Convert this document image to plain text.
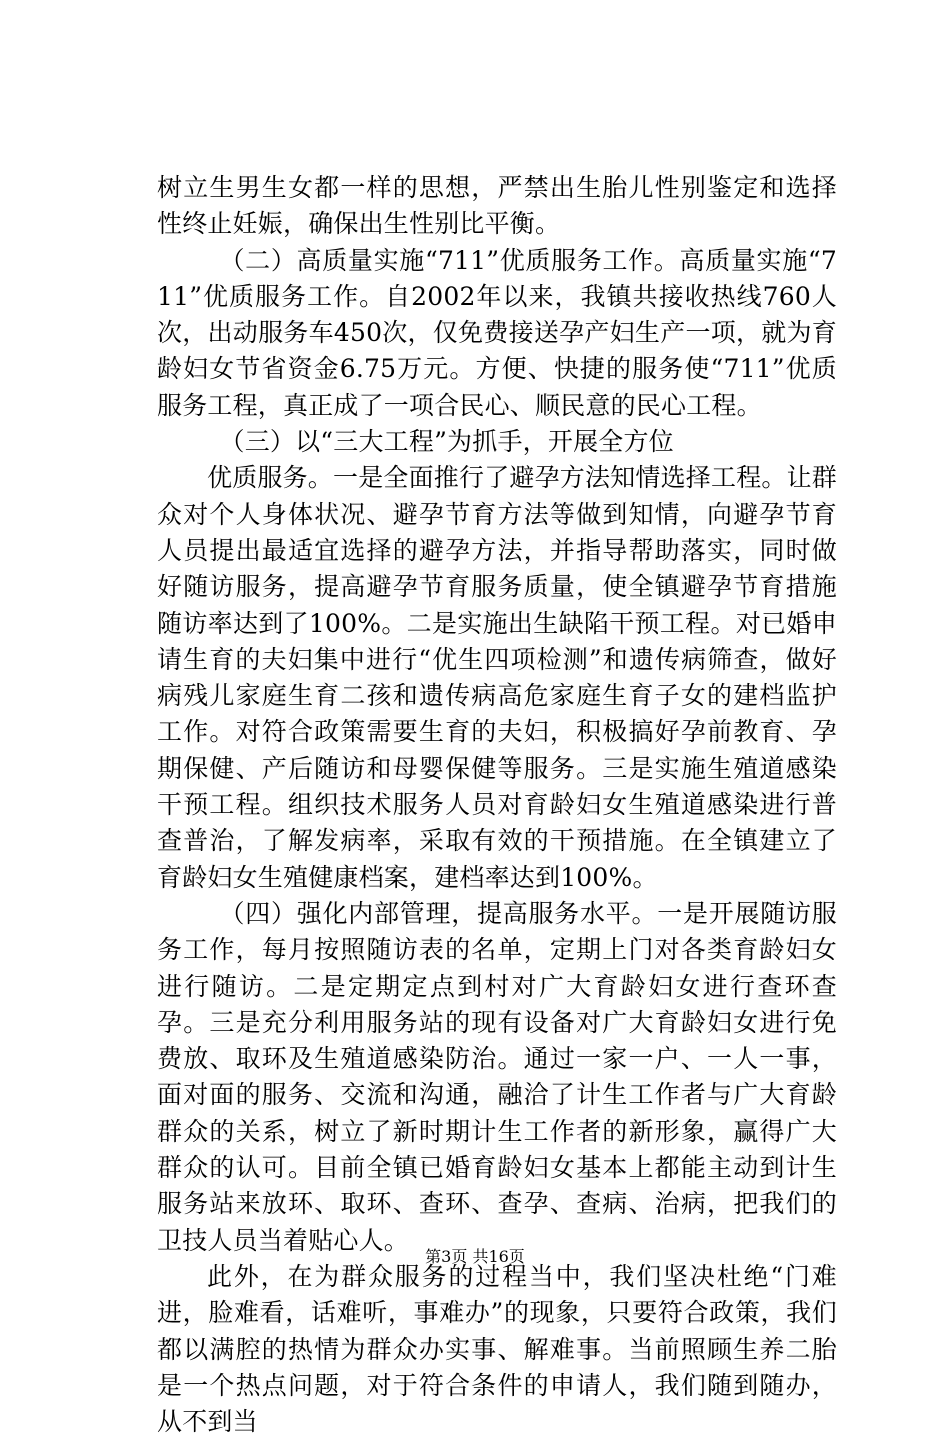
树立生男生女都一样的思想，严禁出生胎儿性别鉴定和选择性终止妊娠，确保出生性别比平衡。

（二）高质量实施“711”优质服务工作。高质量实施“711”优质服务工作。自2002年以来，我镇共接收热线760人次，出动服务车450次，仅免费接送孕产妇生产一项，就为育龄妇女节省资金6.75万元。方便、快捷的服务使“711”优质服务工程，真正成了一项合民心、顺民意的民心工程。

（三）以“三大工程”为抓手，开展全方位

优质服务。一是全面推行了避孕方法知情选择工程。让群众对个人身体状况、避孕节育方法等做到知情，向避孕节育人员提出最适宜选择的避孕方法，并指导帮助落实，同时做好随访服务，提高避孕节育服务质量，使全镇避孕节育措施随访率达到了100%。二是实施出生缺陷干预工程。对已婚申请生育的夫妇集中进行“优生四项检测”和遗传病筛查，做好病残儿家庭生育二孩和遗传病高危家庭生育子女的建档监护工作。对符合政策需要生育的夫妇，积极搞好孕前教育、孕期保健、产后随访和母婴保健等服务。三是实施生殖道感染干预工程。组织技术服务人员对育龄妇女生殖道感染进行普查普治，了解发病率，采取有效的干预措施。在全镇建立了育龄妇女生殖健康档案，建档率达到100%。

（四）强化内部管理，提高服务水平。一是开展随访服务工作，每月按照随访表的名单，定期上门对各类育龄妇女进行随访。二是定期定点到村对广大育龄妇女进行查环查孕。三是充分利用服务站的现有设备对广大育龄妇女进行免费放、取环及生殖道感染防治。通过一家一户、一人一事，面对面的服务、交流和沟通，融洽了计生工作者与广大育龄群众的关系，树立了新时期计生工作者的新形象，赢得广大群众的认可。目前全镇已婚育龄妇女基本上都能主动到计生服务站来放环、取环、查环、查孕、查病、治病，把我们的卫技人员当着贴心人。

此外，在为群众服务的过程当中，我们坚决杜绝“门难进，脸难看，话难听，事难办”的现象，只要符合政策，我们都以满腔的热情为群众办实事、解难事。当前照顾生养二胎是一个热点问题，对于符合条件的申请人，我们随到随办，从不到当

第3页 共16页
